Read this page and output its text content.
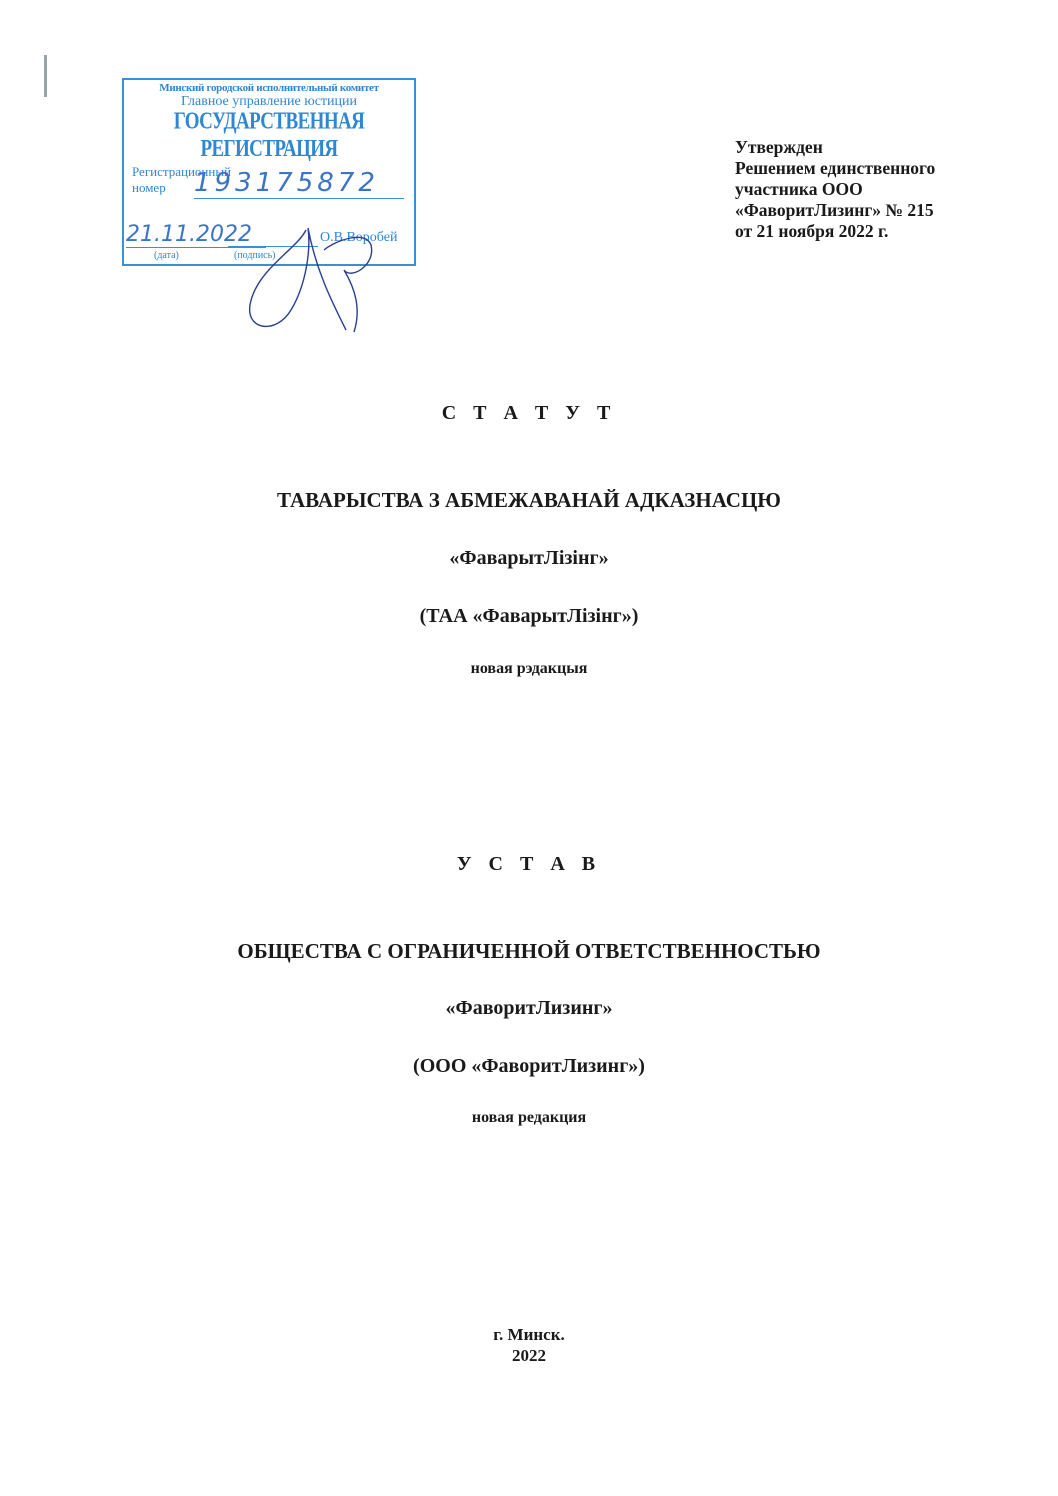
Минский городской исполнительный комитет
Главное управление юстиции
ГОСУДАРСТВЕННАЯ РЕГИСТРАЦИЯ
Регистрационный
номер 193175872
21.11.2022	О.В.Воробей
(дата)	(подпись)
Утвержден
Решением единственного
участника ООО
«ФаворитЛизинг» № 215
от 21 ноября 2022 г.
С Т А Т У Т
ТАВАРЫСТВА З АБМЕЖАВАНАЙ АДКАЗНАСЦЮ
«ФаварытЛізінг»
(ТАА «ФаварытЛізінг»)
новая рэдакцыя
У С Т А В
ОБЩЕСТВА С ОГРАНИЧЕННОЙ ОТВЕТСТВЕННОСТЬЮ
«ФаворитЛизинг»
(ООО «ФаворитЛизинг»)
новая редакция
г. Минск.
2022
